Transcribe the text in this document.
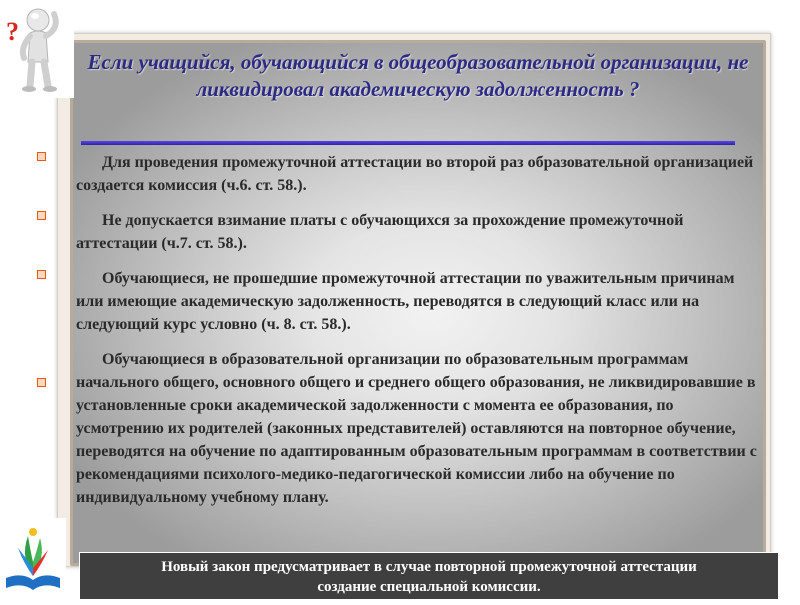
Если учащийся, обучающийся в общеобразовательной организации, не ликвидировал академическую задолженность ?

Для проведения промежуточной аттестации во второй раз образовательной организацией создается комиссия (ч.6. ст. 58.).

Не допускается взимание платы с обучающихся за прохождение промежуточной аттестации (ч.7. ст. 58.).

Обучающиеся, не прошедшие промежуточной аттестации по уважительным причинам или имеющие академическую задолженность, переводятся в следующий класс или на следующий курс условно (ч. 8. ст. 58.).

Обучающиеся в образовательной организации по образовательным программам начального общего, основного общего и среднего общего образования, не ликвидировавшие в установленные сроки академической задолженности с момента ее образования, по усмотрению их родителей (законных представителей) оставляются на повторное обучение, переводятся на обучение по адаптированным образовательным программам в соответствии с рекомендациями психолого-медико-педагогической комиссии либо на обучение по индивидуальному учебному плану.

?
Новый закон предусматривает в случае повторной промежуточной аттестации
создание специальной комиссии.
